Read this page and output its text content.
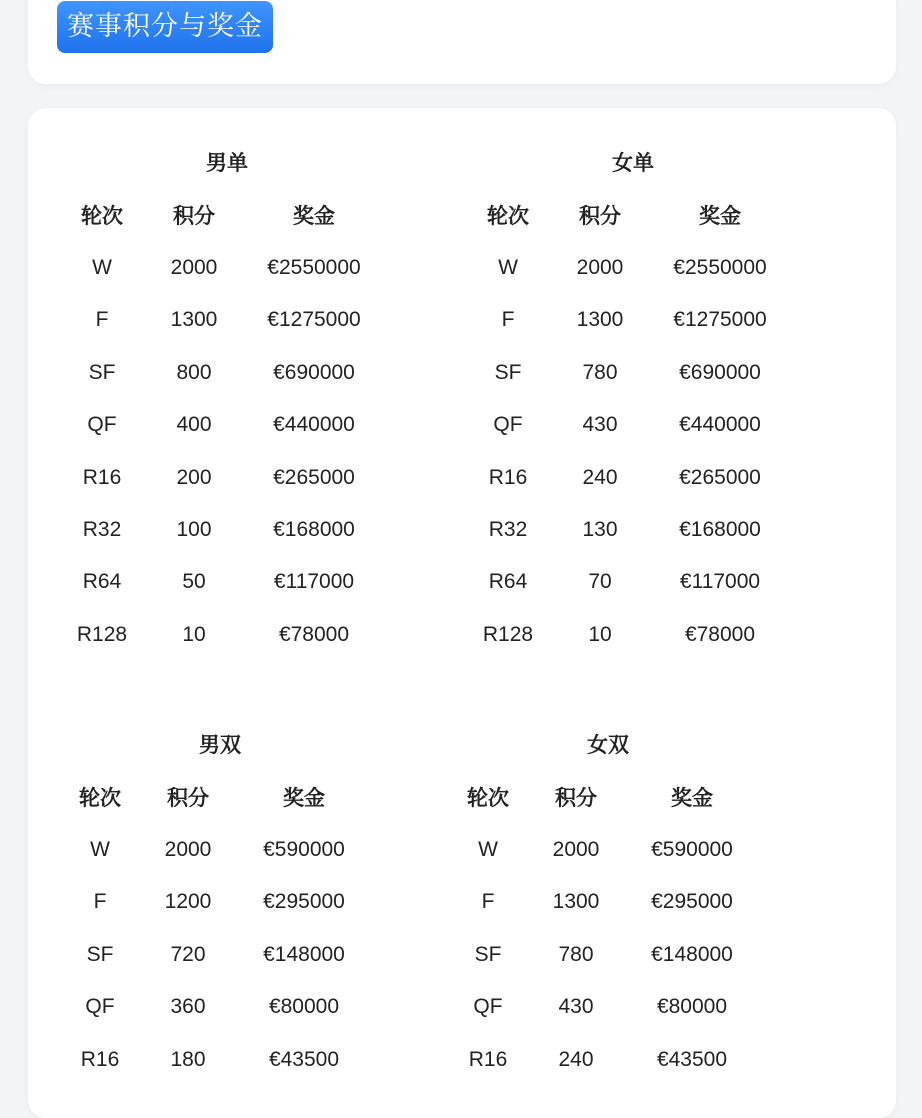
赛事积分与奖金
男单
轮次	积分	奖金
W	2000	€2550000
F	1300	€1275000
SF	800	€690000
QF	400	€440000
R16	200	€265000
R32	100	€168000
R64	50	€117000
R128	10	€78000
女单
轮次	积分	奖金
W	2000	€2550000
F	1300	€1275000
SF	780	€690000
QF	430	€440000
R16	240	€265000
R32	130	€168000
R64	70	€117000
R128	10	€78000
男双
轮次	积分	奖金
W	2000	€590000
F	1200	€295000
SF	720	€148000
QF	360	€80000
R16	180	€43500
女双
轮次	积分	奖金
W	2000	€590000
F	1300	€295000
SF	780	€148000
QF	430	€80000
R16	240	€43500
